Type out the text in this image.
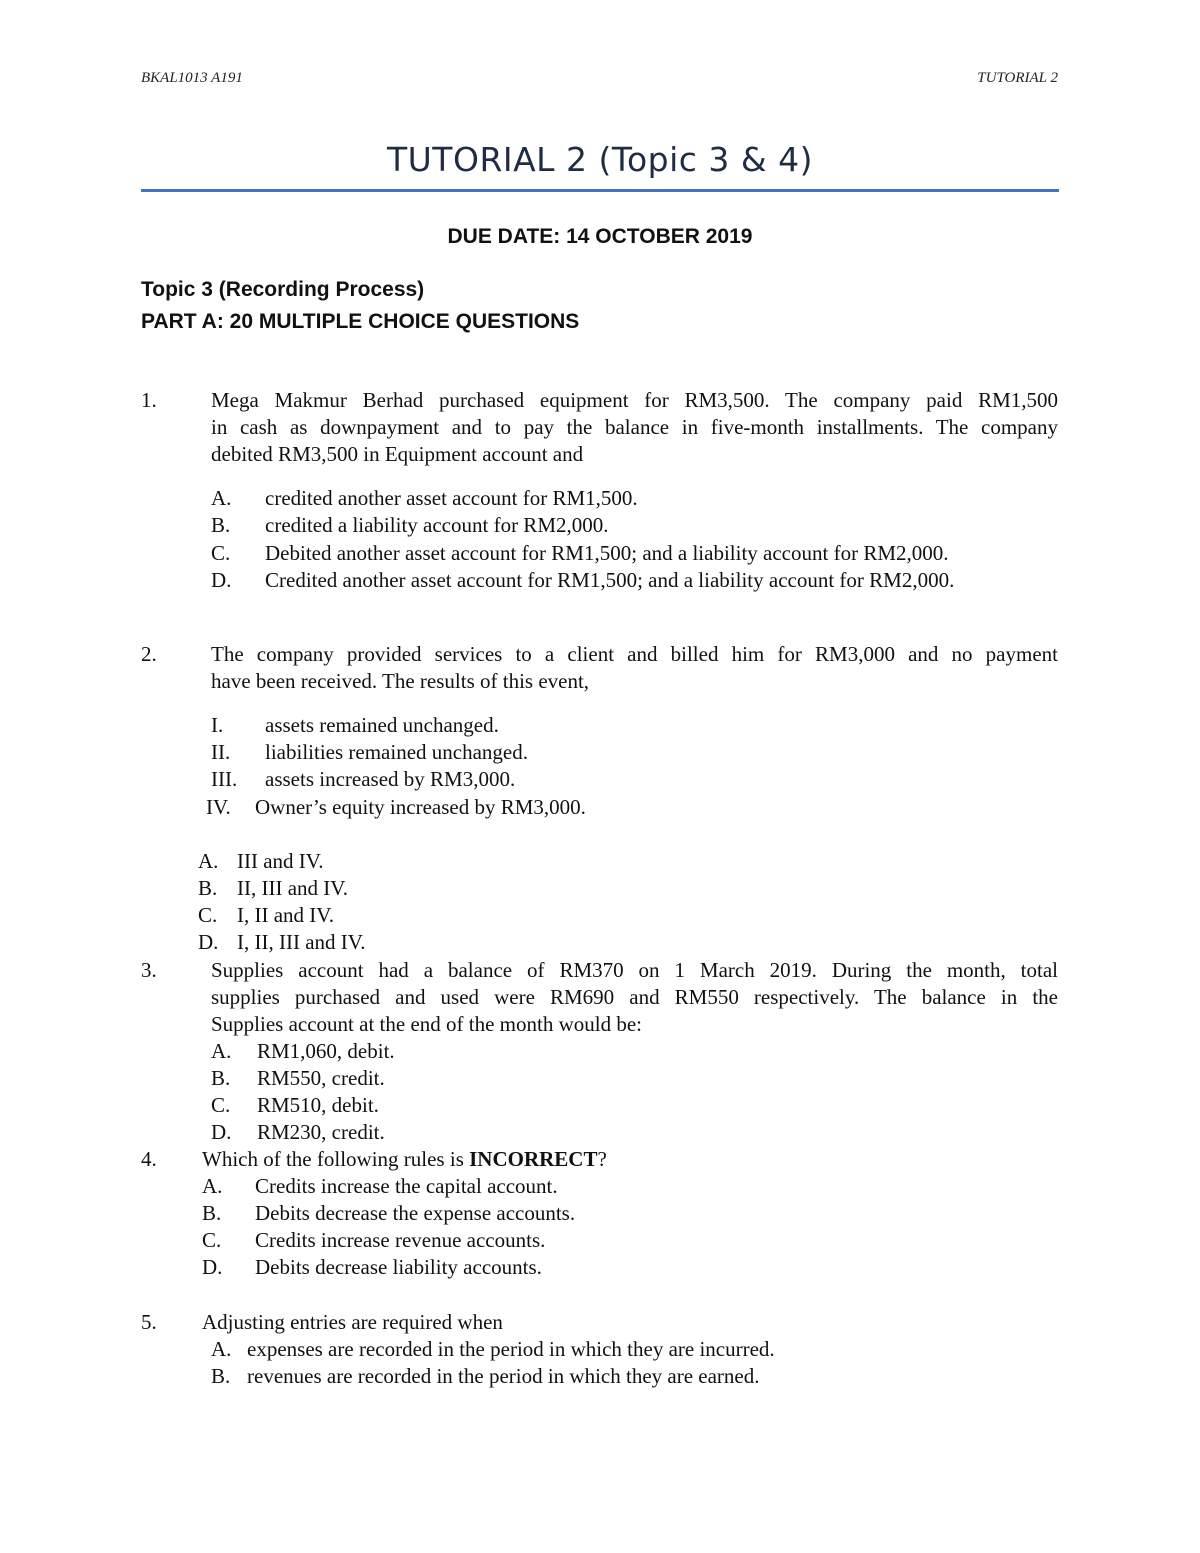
BKAL1013 A191	TUTORIAL 2
TUTORIAL 2 (Topic 3 & 4)
DUE DATE: 14 OCTOBER 2019
Topic 3 (Recording Process)
PART A: 20 MULTIPLE CHOICE QUESTIONS
1.	Mega Makmur Berhad purchased equipment for RM3,500. The company paid RM1,500
in cash as downpayment and to pay the balance in five-month installments. The company
debited RM3,500 in Equipment account and
A. credited another asset account for RM1,500.
B. credited a liability account for RM2,000.
C. Debited another asset account for RM1,500; and a liability account for RM2,000.
D. Credited another asset account for RM1,500; and a liability account for RM2,000.
2.	The company provided services to a client and billed him for RM3,000 and no payment
have been received. The results of this event,
I. assets remained unchanged.
II. liabilities remained unchanged.
III. assets increased by RM3,000.
IV. Owner’s equity increased by RM3,000.
A. III and IV.
B. II, III and IV.
C. I, II and IV.
D. I, II, III and IV.
3.	Supplies account had a balance of RM370 on 1 March 2019. During the month, total
supplies purchased and used were RM690 and RM550 respectively. The balance in the
Supplies account at the end of the month would be:
A. RM1,060, debit.
B. RM550, credit.
C. RM510, debit.
D. RM230, credit.
4. Which of the following rules is INCORRECT?
A. Credits increase the capital account.
B. Debits decrease the expense accounts.
C. Credits increase revenue accounts.
D. Debits decrease liability accounts.
5. Adjusting entries are required when
A. expenses are recorded in the period in which they are incurred.
B. revenues are recorded in the period in which they are earned.
